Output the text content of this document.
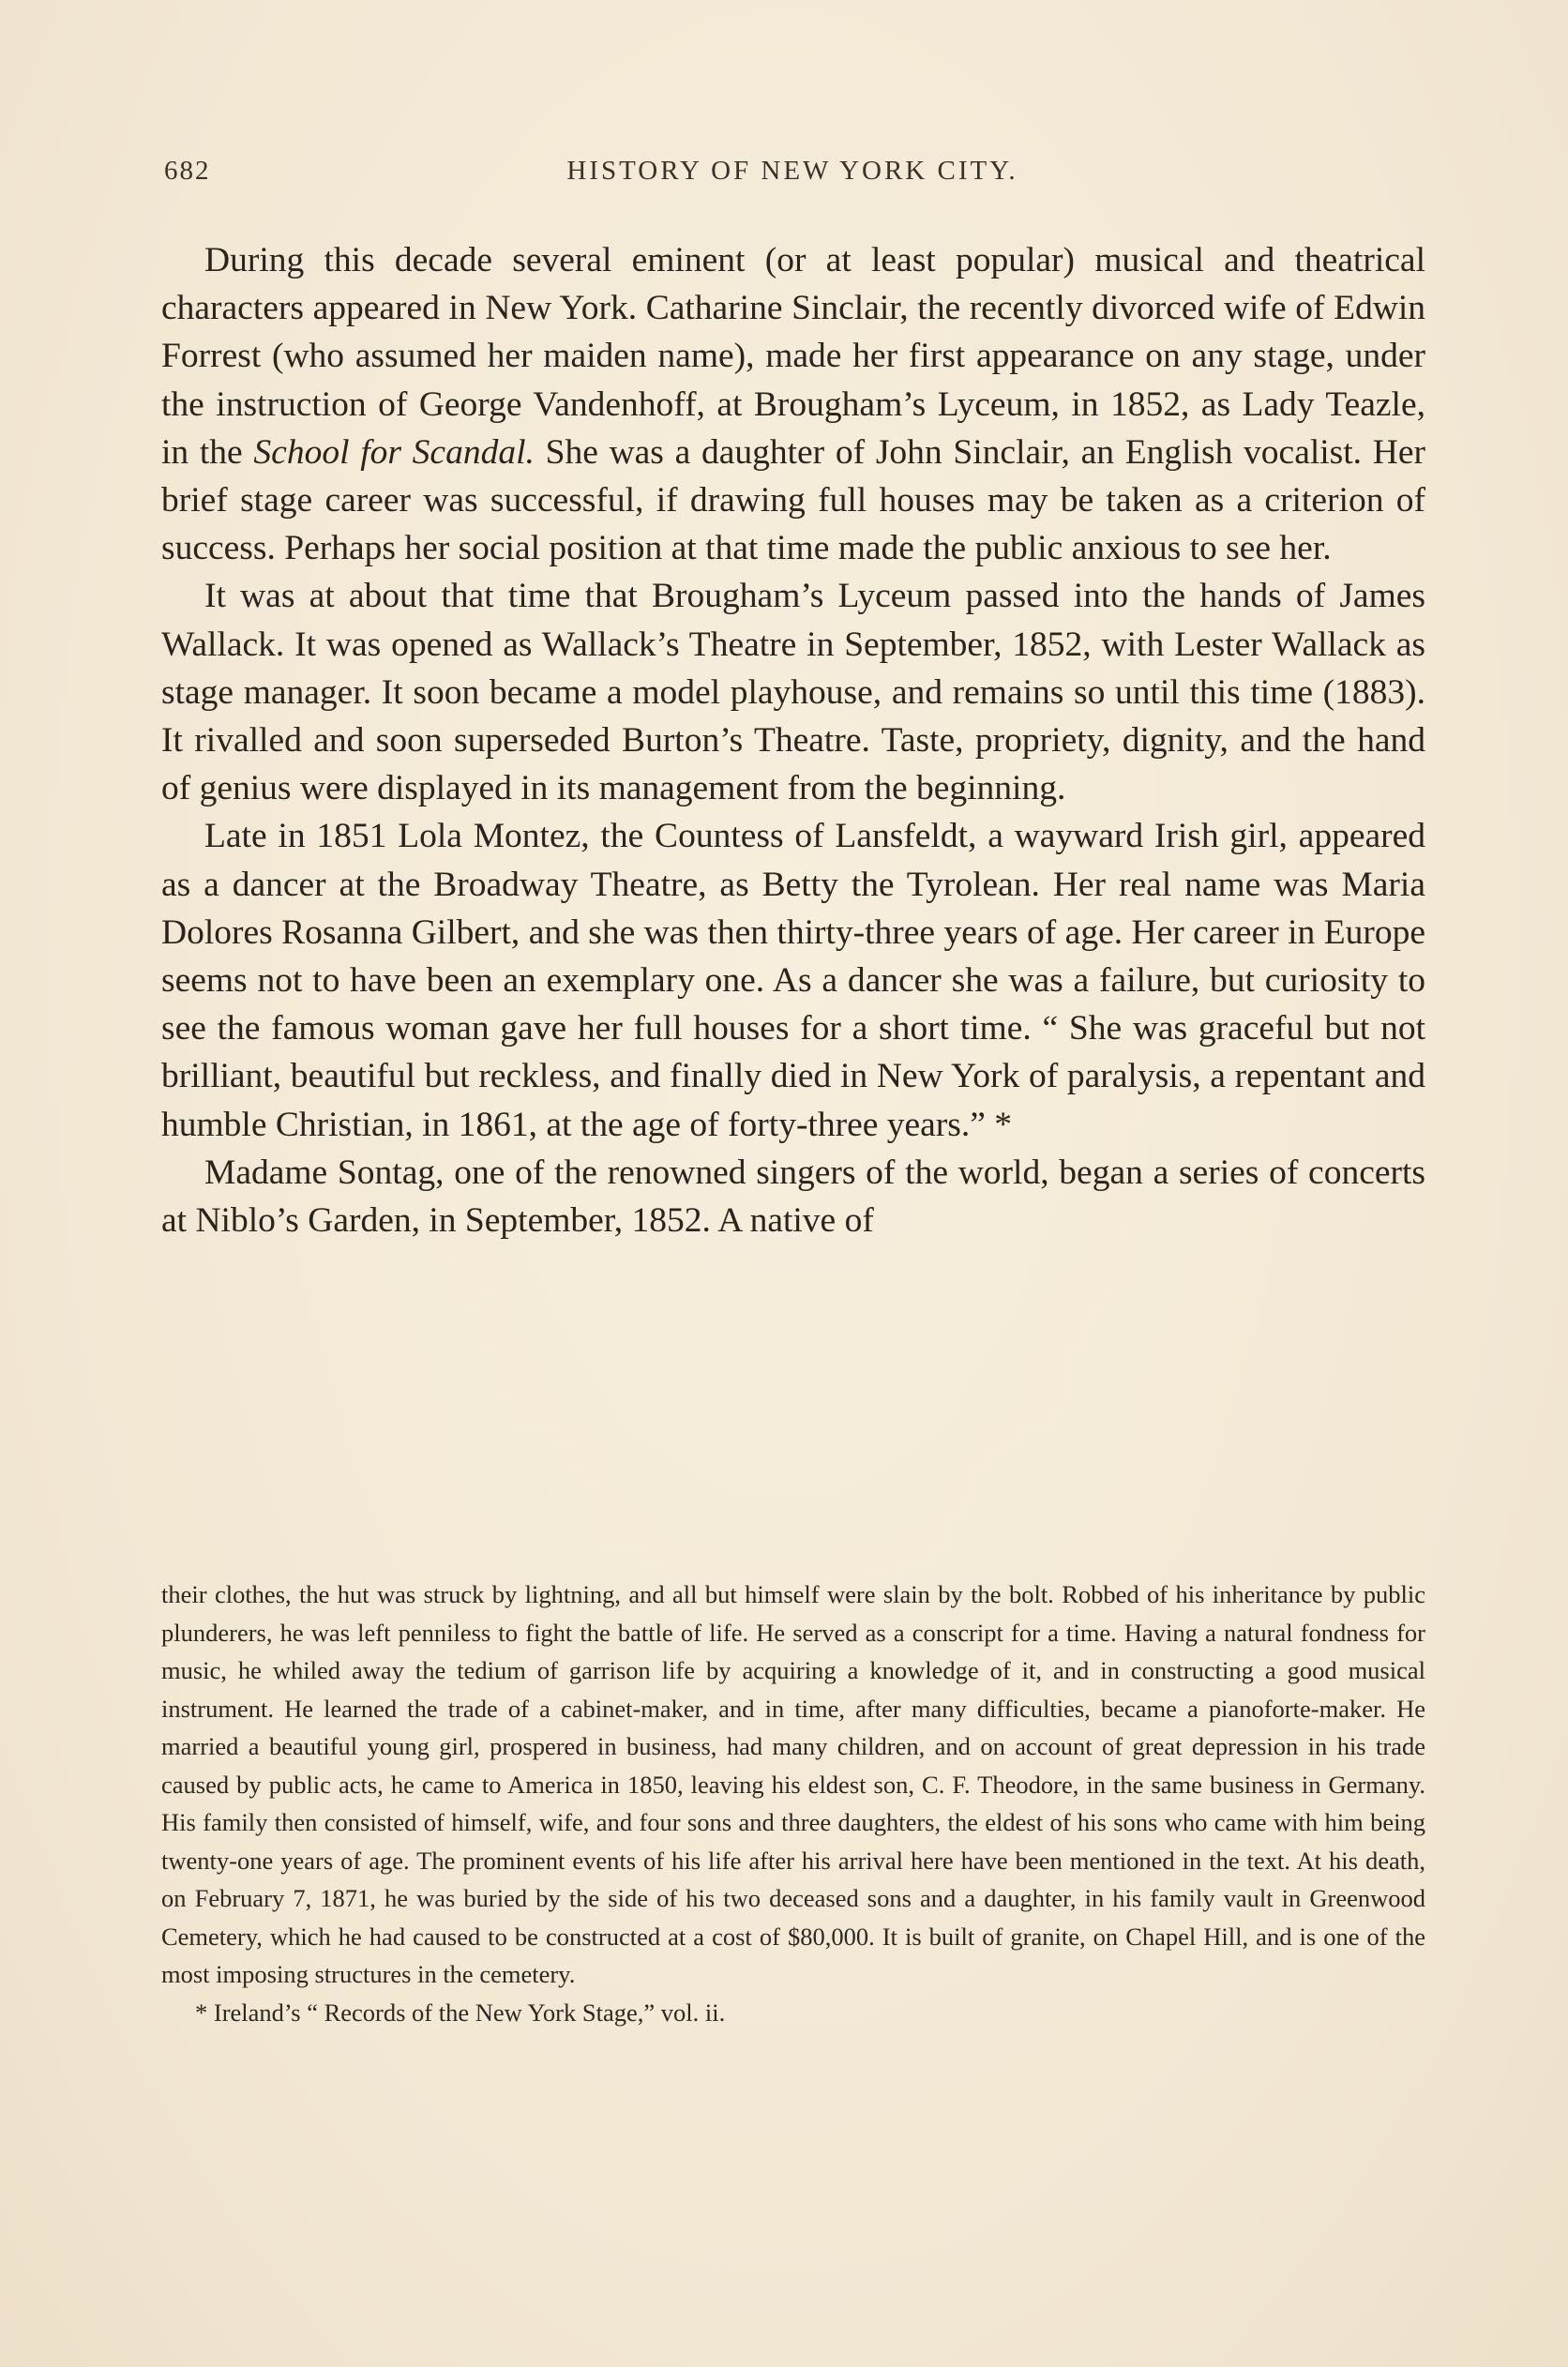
682	HISTORY OF NEW YORK CITY.

During this decade several eminent (or at least popular) musical and theatrical characters appeared in New York. Catharine Sinclair, the recently divorced wife of Edwin Forrest (who assumed her maiden name), made her first appearance on any stage, under the instruction of George Vandenhoff, at Brougham’s Lyceum, in 1852, as Lady Teazle, in the School for Scandal. She was a daughter of John Sinclair, an English vocalist. Her brief stage career was successful, if drawing full houses may be taken as a criterion of success. Perhaps her social position at that time made the public anxious to see her.

It was at about that time that Brougham’s Lyceum passed into the hands of James Wallack. It was opened as Wallack’s Theatre in September, 1852, with Lester Wallack as stage manager. It soon became a model playhouse, and remains so until this time (1883). It rivalled and soon superseded Burton’s Theatre. Taste, propriety, dignity, and the hand of genius were displayed in its management from the beginning.

Late in 1851 Lola Montez, the Countess of Lansfeldt, a wayward Irish girl, appeared as a dancer at the Broadway Theatre, as Betty the Tyrolean. Her real name was Maria Dolores Rosanna Gilbert, and she was then thirty-three years of age. Her career in Europe seems not to have been an exemplary one. As a dancer she was a failure, but curiosity to see the famous woman gave her full houses for a short time. “ She was graceful but not brilliant, beautiful but reckless, and finally died in New York of paralysis, a repentant and humble Christian, in 1861, at the age of forty-three years.” *

Madame Sontag, one of the renowned singers of the world, began a series of concerts at Niblo’s Garden, in September, 1852. A native of

their clothes, the hut was struck by lightning, and all but himself were slain by the bolt. Robbed of his inheritance by public plunderers, he was left penniless to fight the battle of life. He served as a conscript for a time. Having a natural fondness for music, he whiled away the tedium of garrison life by acquiring a knowledge of it, and in constructing a good musical instrument. He learned the trade of a cabinet-maker, and in time, after many difficulties, became a pianoforte-maker. He married a beautiful young girl, prospered in business, had many children, and on account of great depression in his trade caused by public acts, he came to America in 1850, leaving his eldest son, C. F. Theodore, in the same business in Germany. His family then consisted of himself, wife, and four sons and three daughters, the eldest of his sons who came with him being twenty-one years of age. The prominent events of his life after his arrival here have been mentioned in the text. At his death, on February 7, 1871, he was buried by the side of his two deceased sons and a daughter, in his family vault in Greenwood Cemetery, which he had caused to be constructed at a cost of $80,000. It is built of granite, on Chapel Hill, and is one of the most imposing structures in the cemetery.

* Ireland’s “ Records of the New York Stage,” vol. ii.
